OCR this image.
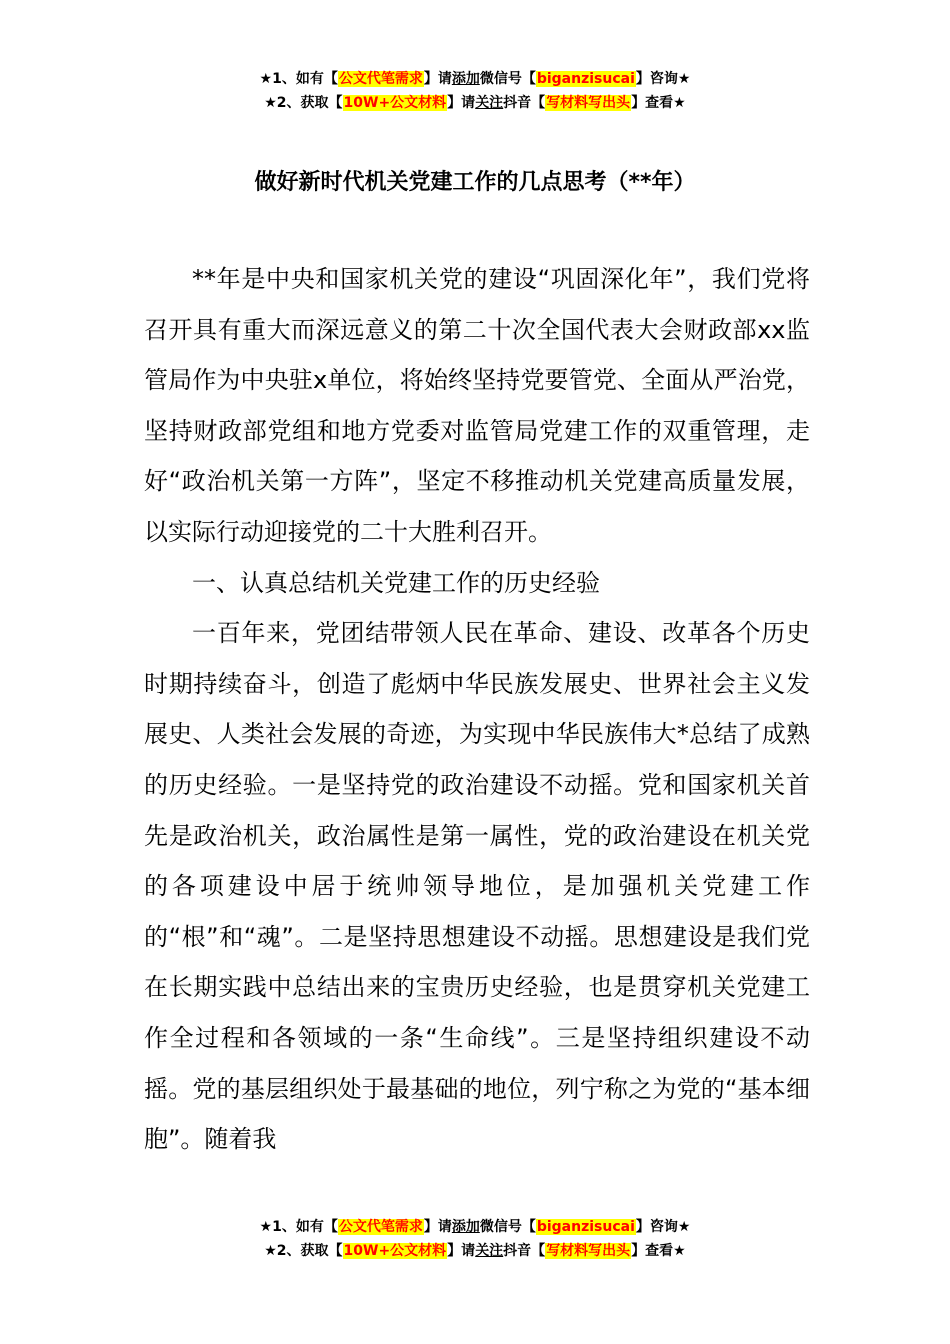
★1、如有【公文代笔需求】请添加微信号【biganzisucai】咨询★
★2、获取【10W+公文材料】请关注抖音【写材料写出头】查看★
做好新时代机关党建工作的几点思考（**年）

**年是中央和国家机关党的建设“巩固深化年”，我们党将召开具有重大而深远意义的第二十次全国代表大会财政部xx监管局作为中央驻x单位，将始终坚持党要管党、全面从严治党，坚持财政部党组和地方党委对监管局党建工作的双重管理，走好“政治机关第一方阵”，坚定不移推动机关党建高质量发展，以实际行动迎接党的二十大胜利召开。

一、认真总结机关党建工作的历史经验

一百年来，党团结带领人民在革命、建设、改革各个历史时期持续奋斗，创造了彪炳中华民族发展史、世界社会主义发展史、人类社会发展的奇迹，为实现中华民族伟大*总结了成熟的历史经验。一是坚持党的政治建设不动摇。党和国家机关首先是政治机关，政治属性是第一属性，党的政治建设在机关党的各项建设中居于统帅领导地位，是加强机关党建工作的“根”和“魂”。二是坚持思想建设不动摇。思想建设是我们党在长期实践中总结出来的宝贵历史经验，也是贯穿机关党建工作全过程和各领域的一条“生命线”。三是坚持组织建设不动摇。党的基层组织处于最基础的地位，列宁称之为党的“基本细胞”。随着我

★1、如有【公文代笔需求】请添加微信号【biganzisucai】咨询★
★2、获取【10W+公文材料】请关注抖音【写材料写出头】查看★
